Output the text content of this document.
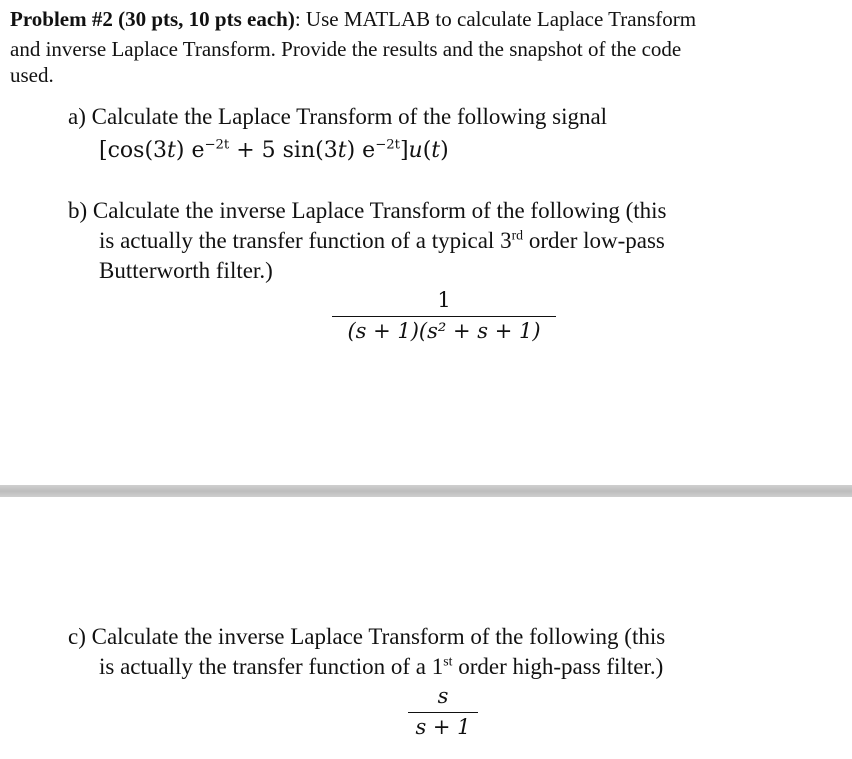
Problem #2 (30 pts, 10 pts each): Use MATLAB to calculate Laplace Transform
and inverse Laplace Transform. Provide the results and the snapshot of the code
used.
a) Calculate the Laplace Transform of the following signal
[cos(3t) $e^{-2t} + 5$ sin(3t) $e^{-2t}]u(t)$
b) Calculate the inverse Laplace Transform of the following (this
is actually the transfer function of a typical 3rd order low-pass
Butterworth filter.)
1
(s + 1)(s² + s + 1)
c) Calculate the inverse Laplace Transform of the following (this
is actually the transfer function of a 1st order high-pass filter.)
s
s + 1
